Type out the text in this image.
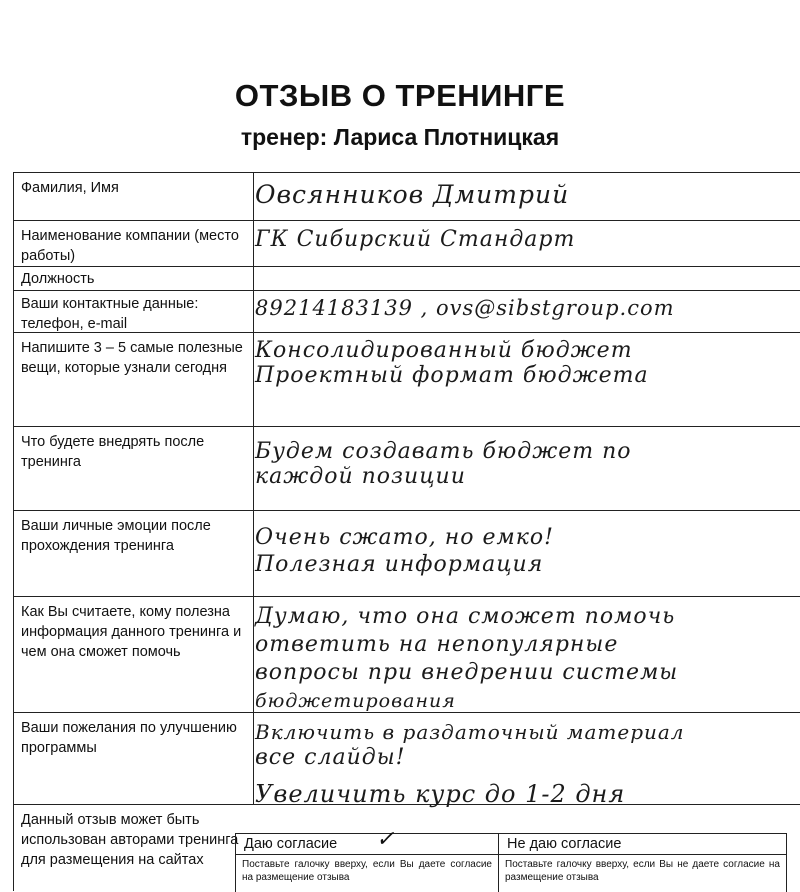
ОТЗЫВ О ТРЕНИНГЕ
тренер: Лариса Плотницкая
Фамилия, Имя
Наименование компании (место работы)
Должность
Ваши контактные данные: телефон, e-mail
Напишите 3 – 5 самые полезные вещи, которые узнали сегодня
Что будете внедрять после тренинга
Ваши личные эмоции после прохождения тренинга
Как Вы считаете, кому полезна информация данного тренинга и чем она сможет помочь
Ваши пожелания по улучшению программы
Данный отзыв может быть использован авторами тренинга для размещения на сайтах
Овсянников Дмитрий
ГК Сибирский Стандарт
89214183139 , ovs@sibstgroup.com
Консолидированный бюджет
Проектный формат бюджета
Будем создавать бюджет по
каждой позиции
Очень сжато, но емко!
Полезная информация
Думаю, что она сможет помочь
ответить на непопулярные
вопросы при внедрении системы
бюджетирования
Включить в раздаточный материал
все слайды!
Увеличить курс до 1-2 дня
Даю согласие ✓
Поставьте галочку вверху, если Вы даете согласие на размещение отзыва
Не даю согласие
Поставьте галочку вверху, если Вы не даете согласие на размещение отзыва
